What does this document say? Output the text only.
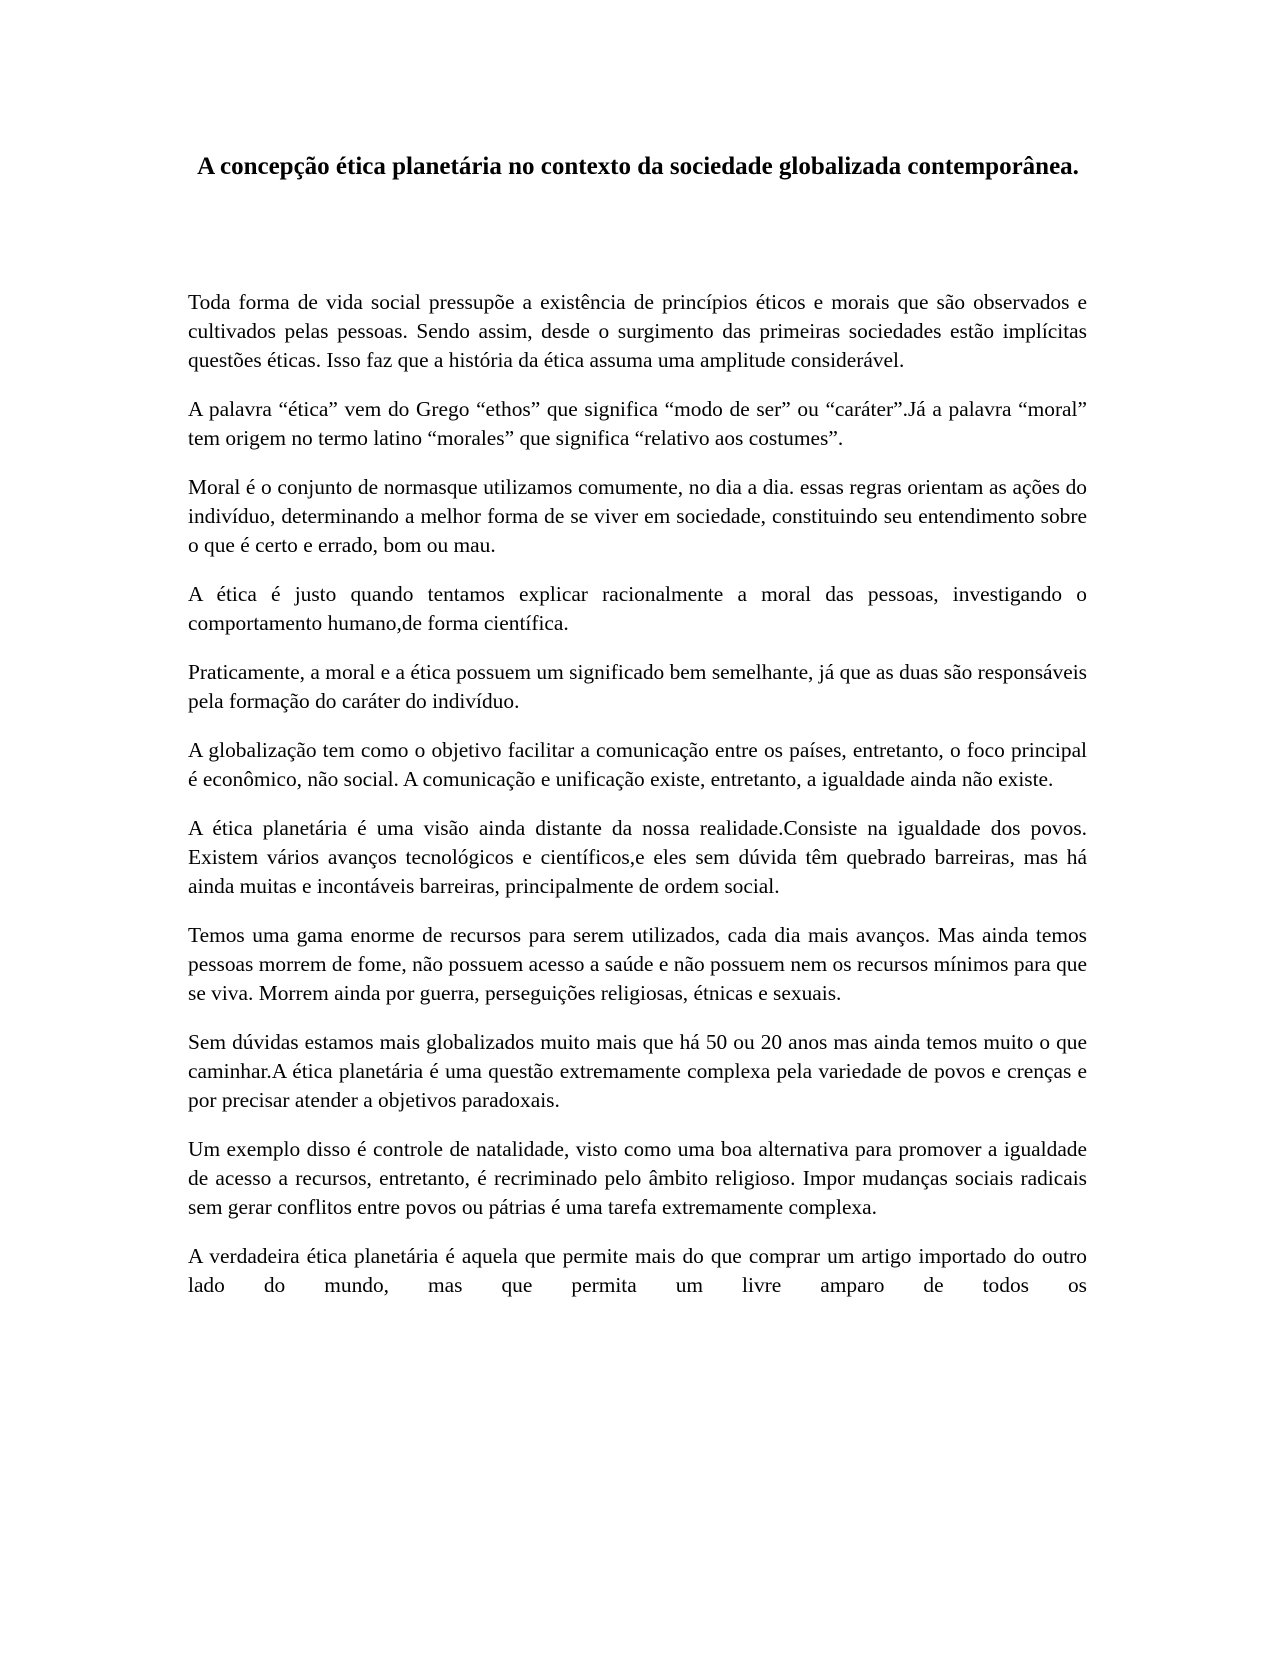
A concepção ética planetária no contexto da sociedade globalizada contemporânea.

Toda forma de vida social pressupõe a existência de princípios éticos e morais que são observados e cultivados pelas pessoas. Sendo assim, desde o surgimento das primeiras sociedades estão implícitas questões éticas. Isso faz que a história da ética assuma uma amplitude considerável.

A palavra “ética” vem do Grego “ethos” que significa “modo de ser” ou “caráter”.Já a palavra “moral” tem origem no termo latino “morales” que significa “relativo aos costumes”.

Moral é o conjunto de normasque utilizamos comumente, no dia a dia. essas regras orientam as ações do indivíduo, determinando a melhor forma de se viver em sociedade, constituindo seu entendimento sobre o que é certo e errado, bom ou mau.

A ética é justo quando tentamos explicar racionalmente a moral das pessoas, investigando o comportamento humano,de forma científica.

Praticamente, a moral e a ética possuem um significado bem semelhante, já que as duas são responsáveis pela formação do caráter do indivíduo.

A globalização tem como o objetivo facilitar a comunicação entre os países, entretanto, o foco principal é econômico, não social. A comunicação e unificação existe, entretanto, a igualdade ainda não existe.

A ética planetária é uma visão ainda distante da nossa realidade.Consiste na igualdade dos povos. Existem vários avanços tecnológicos e científicos,e eles sem dúvida têm quebrado barreiras, mas há ainda muitas e incontáveis barreiras, principalmente de ordem social.

Temos uma gama enorme de recursos para serem utilizados, cada dia mais avanços. Mas ainda temos pessoas morrem de fome, não possuem acesso a saúde e não possuem nem os recursos mínimos para que se viva. Morrem ainda por guerra, perseguições religiosas, étnicas e sexuais.

Sem dúvidas estamos mais globalizados muito mais que há 50 ou 20 anos mas ainda temos muito o que caminhar.A ética planetária é uma questão extremamente complexa pela variedade de povos e crenças e por precisar atender a objetivos paradoxais.

Um exemplo disso é controle de natalidade, visto como uma boa alternativa para promover a igualdade de acesso a recursos, entretanto, é recriminado pelo âmbito religioso. Impor mudanças sociais radicais sem gerar conflitos entre povos ou pátrias é uma tarefa extremamente complexa.

A verdadeira ética planetária é aquela que permite mais do que comprar um artigo importado do outro lado do mundo, mas que permita um livre amparo de todos os
